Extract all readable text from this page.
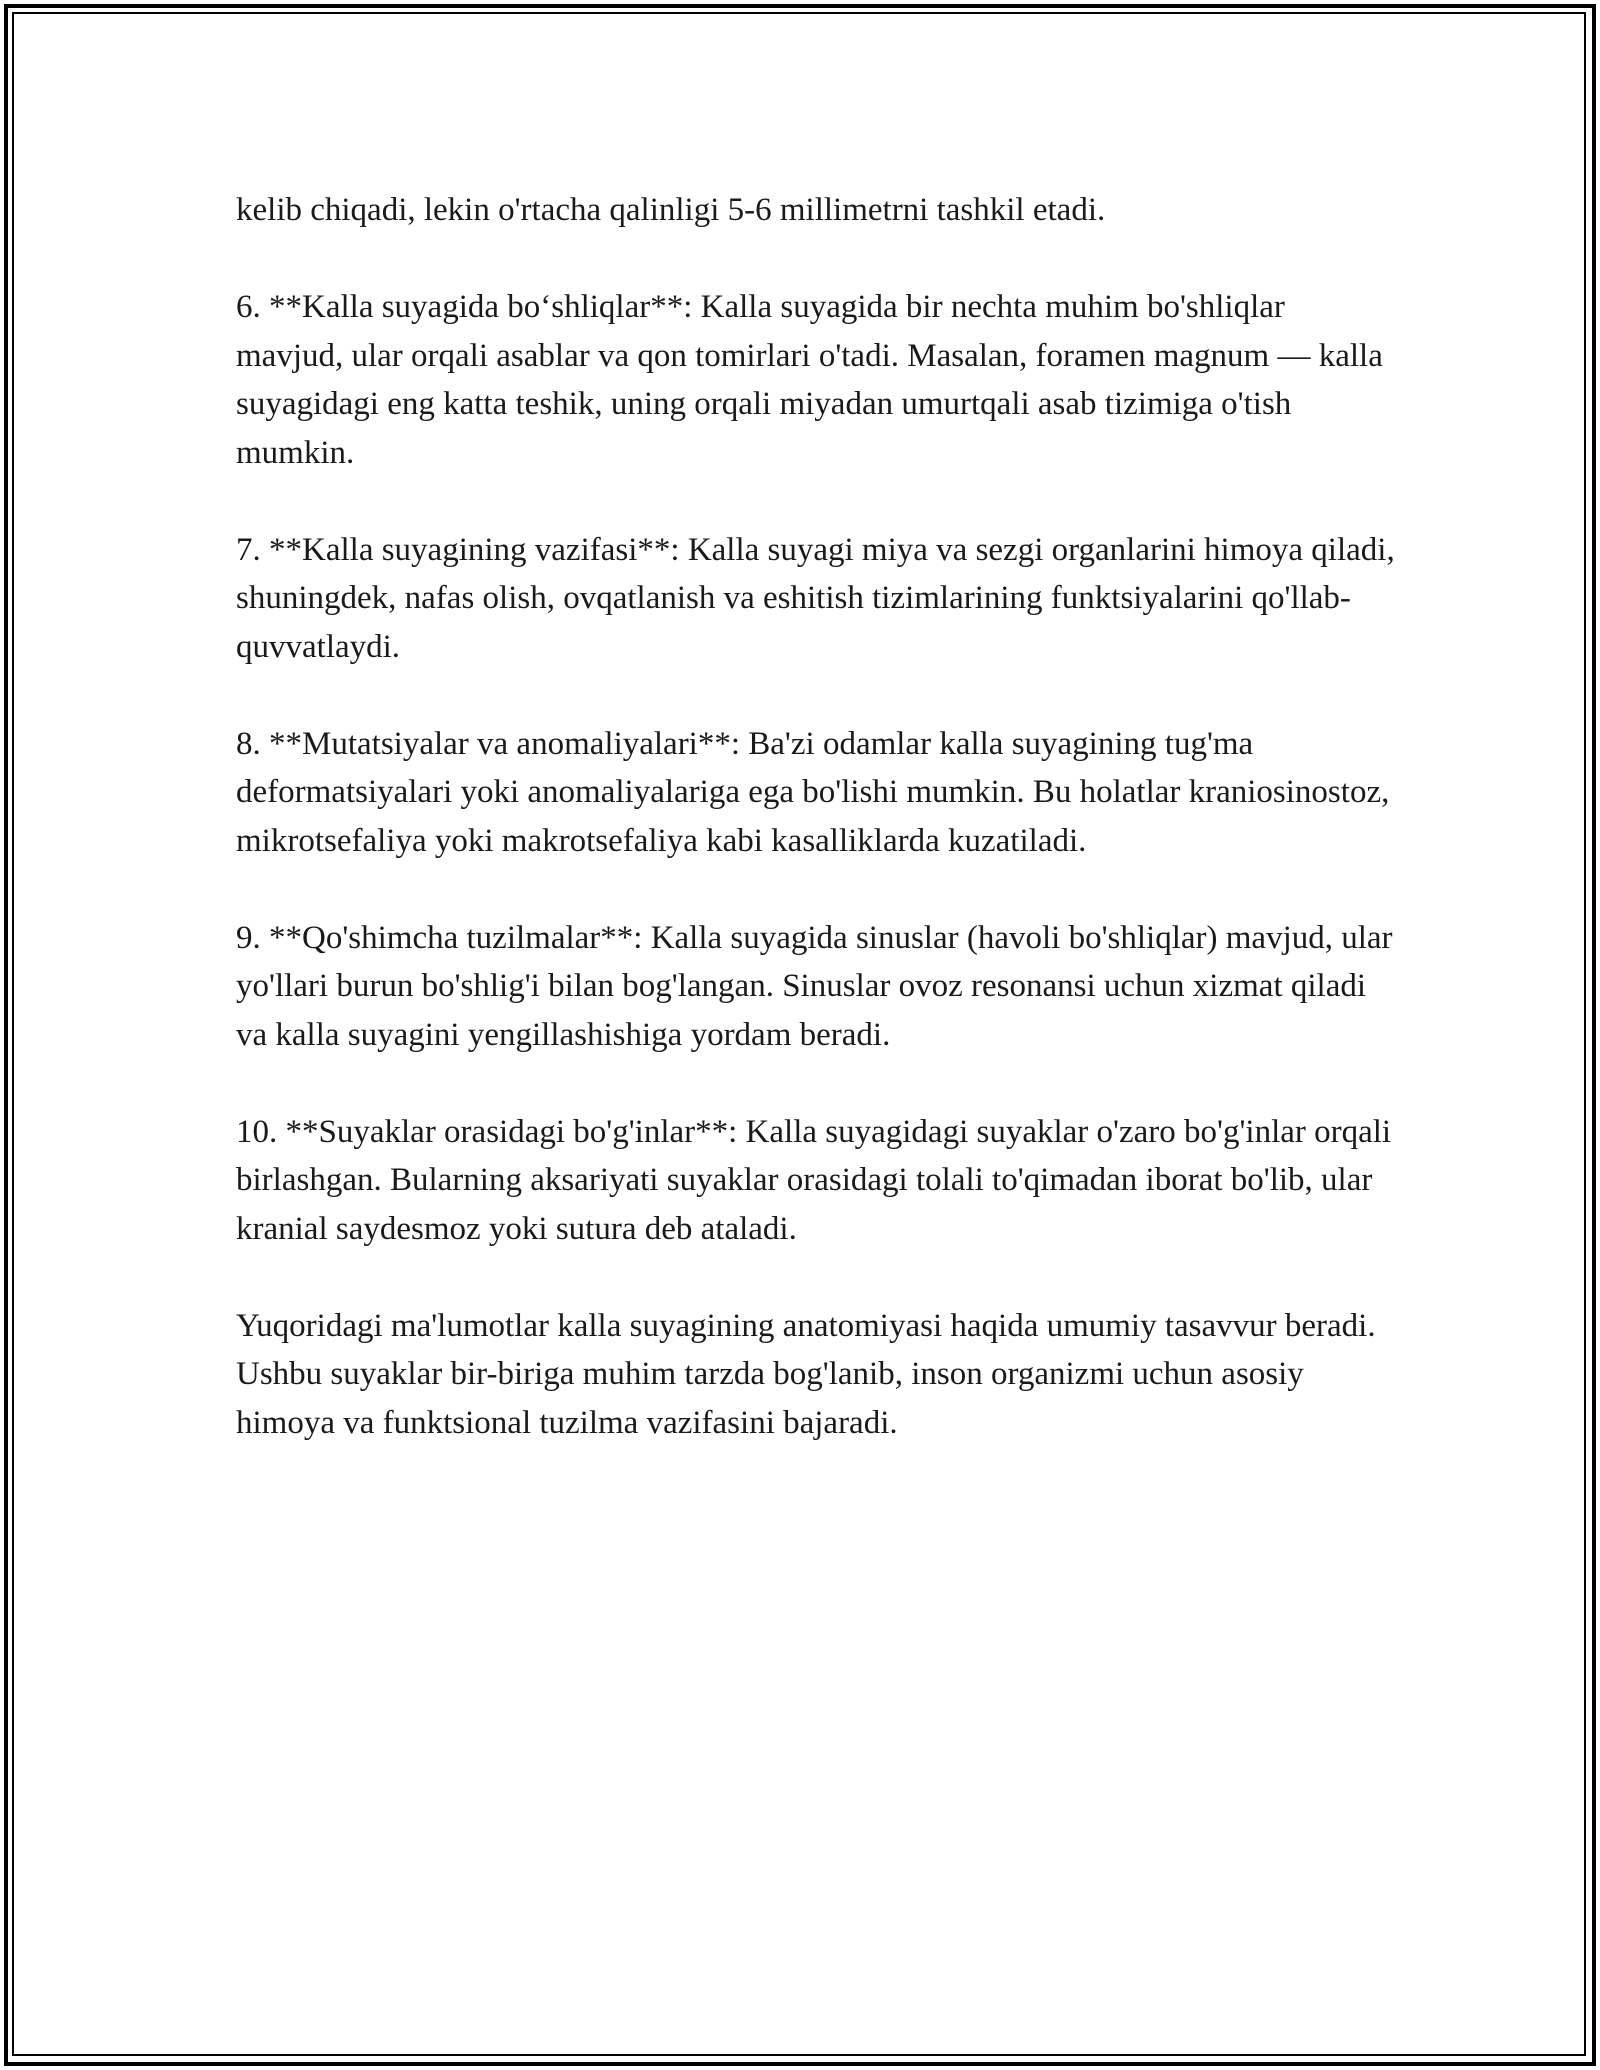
kelib chiqadi, lekin o'rtacha qalinligi 5-6 millimetrni tashkil etadi.

6. **Kalla suyagida bo‘shliqlar**: Kalla suyagida bir nechta muhim bo'shliqlar mavjud, ular orqali asablar va qon tomirlari o'tadi. Masalan, foramen magnum — kalla suyagidagi eng katta teshik, uning orqali miyadan umurtqali asab tizimiga o'tish mumkin.

7. **Kalla suyagining vazifasi**: Kalla suyagi miya va sezgi organlarini himoya qiladi, shuningdek, nafas olish, ovqatlanish va eshitish tizimlarining funktsiyalarini qo'llab-quvvatlaydi.

8. **Mutatsiyalar va anomaliyalari**: Ba'zi odamlar kalla suyagining tug'ma deformatsiyalari yoki anomaliyalariga ega bo'lishi mumkin. Bu holatlar kraniosinostoz, mikrotsefaliya yoki makrotsefaliya kabi kasalliklarda kuzatiladi.

9. **Qo'shimcha tuzilmalar**: Kalla suyagida sinuslar (havoli bo'shliqlar) mavjud, ular yo'llari burun bo'shlig'i bilan bog'langan. Sinuslar ovoz resonansi uchun xizmat qiladi va kalla suyagini yengillashishiga yordam beradi.

10. **Suyaklar orasidagi bo'g'inlar**: Kalla suyagidagi suyaklar o'zaro bo'g'inlar orqali birlashgan. Bularning aksariyati suyaklar orasidagi tolali to'qimadan iborat bo'lib, ular kranial saydesmoz yoki sutura deb ataladi.

Yuqoridagi ma'lumotlar kalla suyagining anatomiyasi haqida umumiy tasavvur beradi. Ushbu suyaklar bir-biriga muhim tarzda bog'lanib, inson organizmi uchun asosiy himoya va funktsional tuzilma vazifasini bajaradi.
